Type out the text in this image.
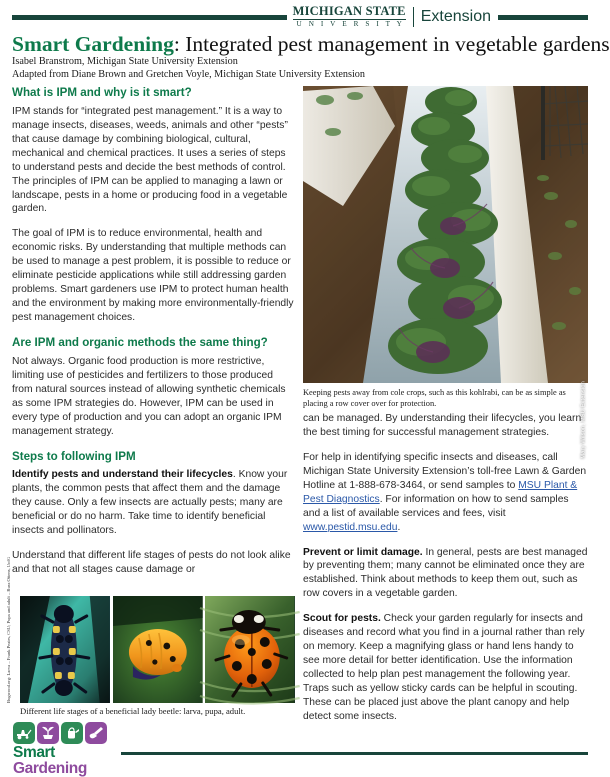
MICHIGAN STATE
U N I V E R S I T Y Extension
Smart Gardening: Integrated pest management in vegetable gardens
Isabel Branstrom, Michigan State University Extension
Adapted from Diane Brown and Gretchen Voyle, Michigan State University Extension
What is IPM and why is it smart?

IPM stands for “integrated pest management.” It is a way to manage insects, diseases, weeds, animals and other “pests” that cause damage by combining biological, cultural, mechanical and chemical practices. It uses a series of steps to understand pests and decide the best methods of control. The principles of IPM can be applied to managing a lawn or landscape, pests in a home or producing food in a vegetable garden.

The goal of IPM is to reduce environmental, health and economic risks. By understanding that multiple methods can be used to manage a pest problem, it is possible to reduce or eliminate pesticide applications while still addressing garden problems. Smart gardeners use IPM to protect human health and the environment by making more environmentally-friendly pest management choices.

Are IPM and organic methods the same thing?

Not always. Organic food production is more restrictive, limiting use of pesticides and fertilizers to those produced from natural sources instead of allowing synthetic chemicals as some IPM strategies do. However, IPM can be used in every type of production and you can adopt an organic IPM management strategy.

Steps to following IPM

Identify pests and understand their lifecycles. Know your plants, the common pests that affect them and the damage they cause. Only a few insects are actually pests; many are beneficial or do no harm. Take time to identify beneficial insects and pollinators.

Understand that different life stages of pests do not look alike and that not all stages cause damage or

Mary Wilson, MSU Extension
Keeping pests away from cole crops, such as this kohlrabi, can be as simple as placing a row cover over for protection.

can be managed. By understanding their lifecycles, you learn the best timing for successful management strategies.

For help in identifying specific insects and diseases, call Michigan State University Extension’s toll-free Lawn & Garden Hotline at 1-888-678-3464, or send samples to MSU Plant & Pest Diagnostics. For information on how to send samples and a list of available services and fees, visit www.pestid.msu.edu.

Prevent or limit damage. In general, pests are best managed by preventing them; many cannot be eliminated once they are established. Think about methods to keep them out, such as row covers in a vegetable garden.

Scout for pests. Check your garden regularly for insects and diseases and record what you find in a journal rather than rely on memory. Keep a magnifying glass or hand lens handy to see more detail for better identification. Use the information collected to help plan pest management the following year. Traps such as yellow sticky cards can be helpful in scouting. These can be placed just above the plant canopy and help detect some insects.

Bugwood.org: Larva – Frank Peairs, CSU; Pupa and adult – Russ Ottens, UofG
Different life stages of a beneficial lady beetle: larva, pupa, adult.
Smart Gardening
